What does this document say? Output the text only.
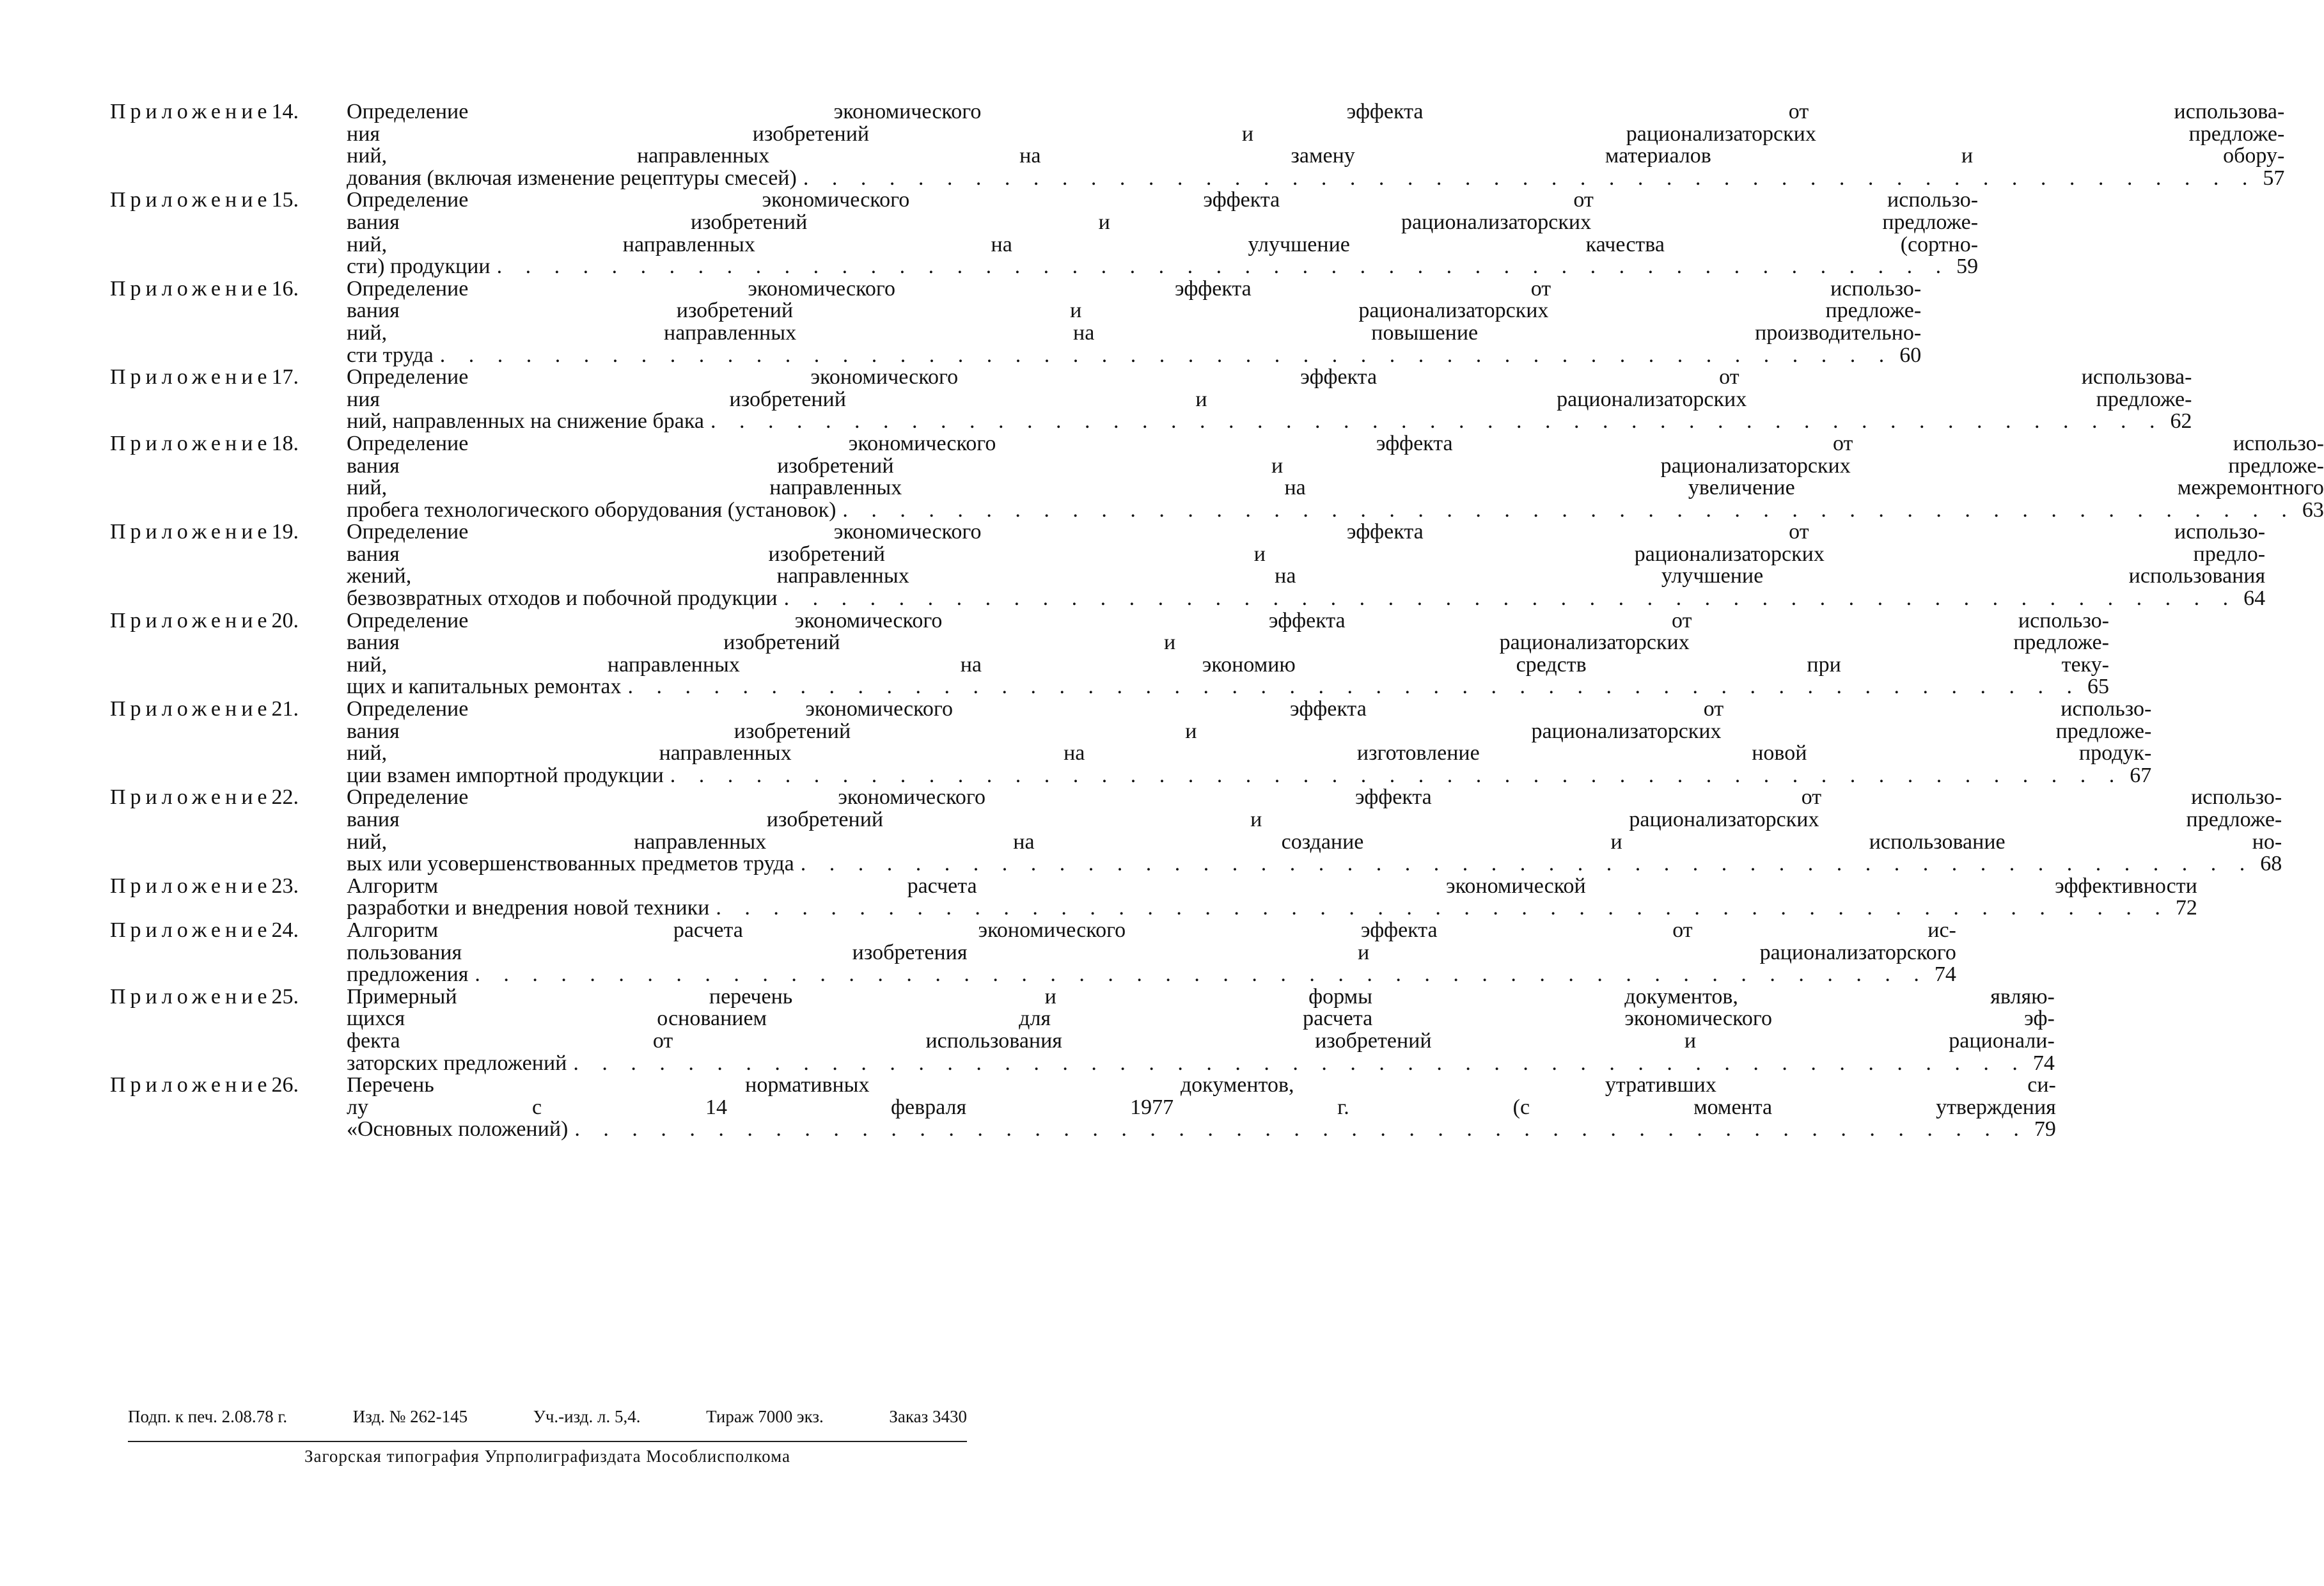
Приложение14.	Определение	экономического	эффекта	от	использова-
ния	изобретений	и	рационализаторских	предложе-
ний,	направленных	на	замену	материалов	и	обору-
дования (включая изменение рецептуры смесей) . . .	57
Приложение15.	Определение	экономического	эффекта	от	использо-
вания	изобретений	и	рационализаторских	предложе-
ний,	направленных	на	улучшение	качества	(сортно-
сти) продукции . . .	59
Приложение16.	Определение	экономического	эффекта	от	использо-
вания	изобретений	и	рационализаторских	предложе-
ний,	направленных	на	повышение	производительно-
сти труда . . .	60
Приложение17.	Определение	экономического	эффекта	от	использова-
ния	изобретений	и	рационализаторских	предложе-
ний, направленных на снижение брака . . .	62
Приложение18.	Определение	экономического	эффекта	от	использо-
вания	изобретений	и	рационализаторских	предложе-
ний,	направленных	на	увеличение	межремонтного
пробега технологического оборудования (установок) . . .	63
Приложение19.	Определение	экономического	эффекта	от	использо-
вания	изобретений	и	рационализаторских	предло-
жений,	направленных	на	улучшение	использования
безвозвратных отходов и побочной продукции . . .	64
Приложение20.	Определение	экономического	эффекта	от	использо-
вания	изобретений	и	рационализаторских	предложе-
ний,	направленных	на	экономию	средств	при	теку-
щих и капитальных ремонтах . . .	65
Приложение21.	Определение	экономического	эффекта	от	использо-
вания	изобретений	и	рационализаторских	предложе-
ний,	направленных	на	изготовление	новой	продук-
ции взамен импортной продукции . . .	67
Приложение22.	Определение	экономического	эффекта	от	использо-
вания	изобретений	и	рационализаторских	предложе-
ний,	направленных	на	создание	и	использование	но-
вых или усовершенствованных предметов труда . . .	68
Приложение23.	Алгоритм	расчета	экономической	эффективности
разработки и внедрения новой техники . . .	72
Приложение24.	Алгоритм	расчета	экономического	эффекта	от	ис-
пользования	изобретения	и	рационализаторского
предложения . . .	74
Приложение25.	Примерный	перечень	и	формы	документов,	являю-
щихся	основанием	для	расчета	экономического	эф-
фекта	от	использования	изобретений	и	рационали-
заторских предложений . . .	74
Приложение26.	Перечень	нормативных	документов,	утративших	си-
лу	с	14	февраля	1977	г.	(с	момента	утверждения
«Основных положений) . . .	79
Подп. к печ. 2.08.78 г.	Изд. № 262-145	Уч.-изд. л. 5,4.	Тираж 7000 экз.	Заказ 3430
Загорская типография Упрполиграфиздата Мособлисполкома
